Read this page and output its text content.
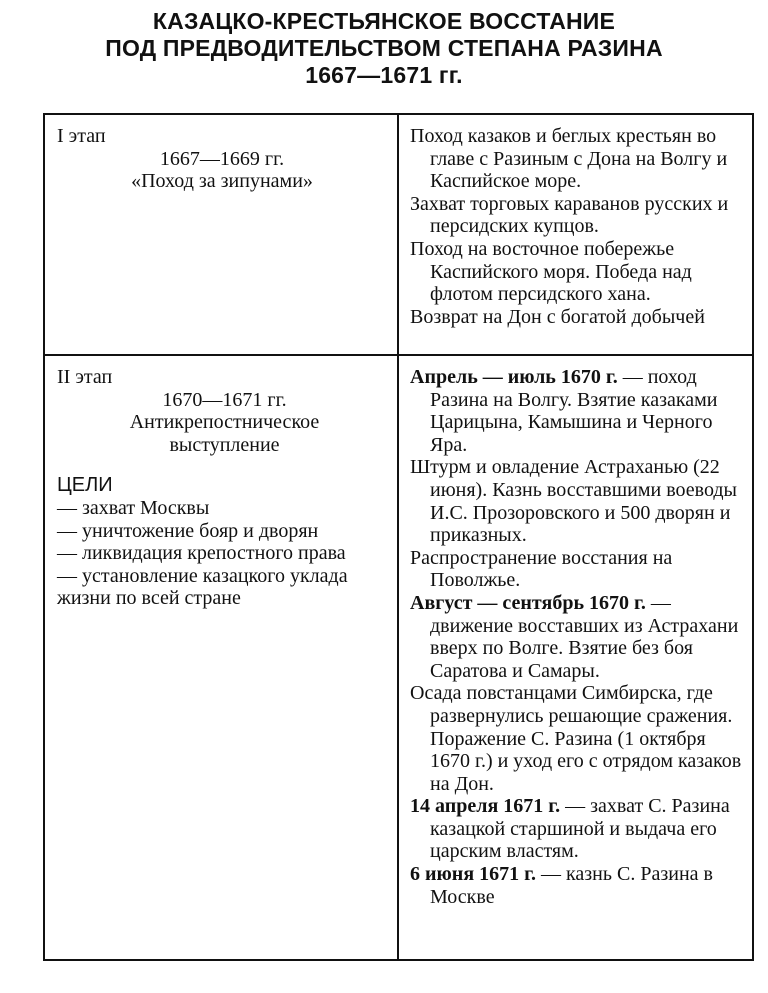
КАЗАЦКО-КРЕСТЬЯНСКОЕ ВОССТАНИЕ
ПОД ПРЕДВОДИТЕЛЬСТВОМ СТЕПАНА РАЗИНА
1667—1671 гг.
I этап
1667—1669 гг.
«Поход за зипунами»
Поход казаков и беглых крестьян во главе с Разиным с Дона на Волгу и Каспийское море.
Захват торговых караванов русских и персидских купцов.
Поход на восточное побережье Каспийского моря. Победа над флотом персидского хана.
Возврат на Дон с богатой добычей
II этап
1670—1671 гг.
Антикрепостническое
выступление
ЦЕЛИ
— захват Москвы
— уничтожение бояр и дворян
— ликвидация крепостного права
— установление казацкого уклада
жизни по всей стране
Апрель — июль 1670 г. — поход Разина на Волгу. Взятие казаками Царицына, Камышина и Черного Яра.
Штурм и овладение Астраханью (22 июня). Казнь восставшими воеводы И.С. Прозоровского и 500 дворян и приказных.
Распространение восстания на Поволжье.
Август — сентябрь 1670 г. — движение восставших из Астрахани вверх по Волге. Взятие без боя Саратова и Самары.
Осада повстанцами Симбирска, где развернулись решающие сражения. Поражение С. Разина (1 октября 1670 г.) и уход его с отрядом казаков на Дон.
14 апреля 1671 г. — захват С. Разина казацкой старшиной и выдача его царским властям.
6 июня 1671 г. — казнь С. Разина в Москве
